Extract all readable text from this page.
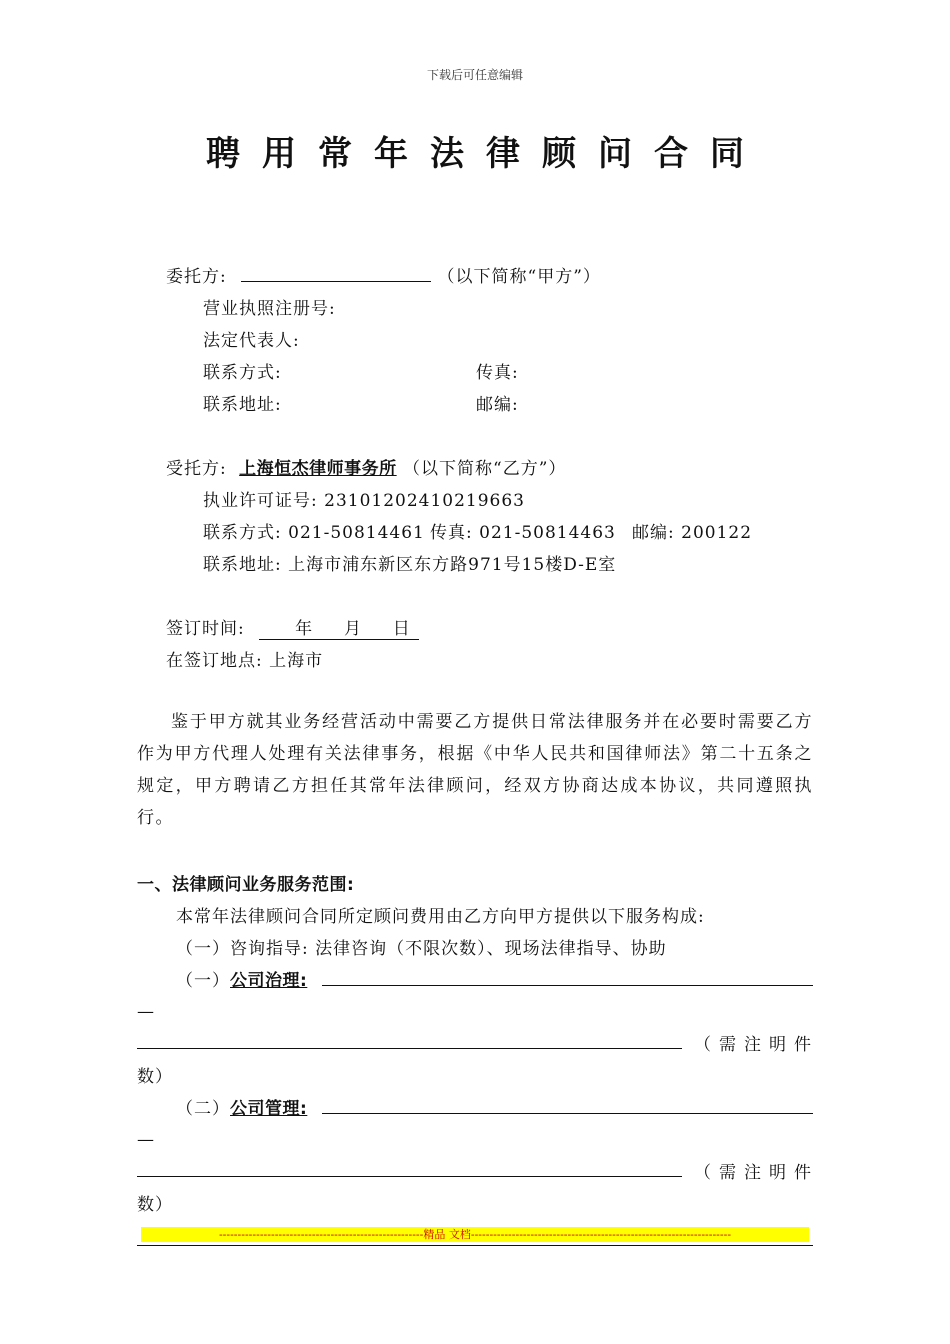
下载后可任意编辑
聘用常年法律顾问合同
委托方:	（以下简称“甲方”）
营业执照注册号:
法定代表人:
联系方式:	传真:
联系地址:	邮编:
受托方: 上海恒杰律师事务所 （以下简称“乙方”）
执业许可证号: 23101202410219663
联系方式: 021-50814461 传真: 021-50814463 邮编: 200122
联系地址: 上海市浦东新区东方路971号15楼D-E室
签订时间:	年 月 日
在签订地点: 上海市
鉴于甲方就其业务经营活动中需要乙方提供日常法律服务并在必要时需要乙方作为甲方代理人处理有关法律事务，根据《中华人民共和国律师法》第二十五条之规定，甲方聘请乙方担任其常年法律顾问，经双方协商达成本协议，共同遵照执行。
一、法律顾问业务服务范围:
本常年法律顾问合同所定顾问费用由乙方向甲方提供以下服务构成:
（一）咨询指导: 法律咨询（不限次数）、现场法律指导、协助
（一）公司治理:
—
（ 需 注 明 件
数）
（二）公司管理:
—
（ 需 注 明 件
数）
-------------------------------------------------------精品 文档----------------------------------------------------------------------
